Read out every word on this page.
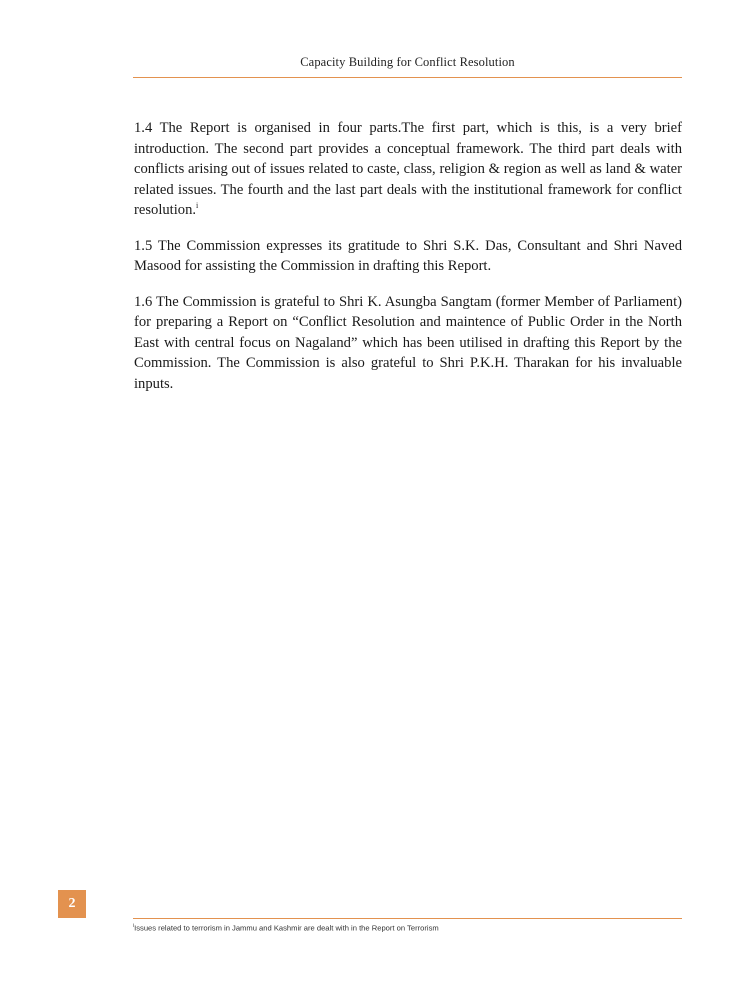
Capacity Building for Conflict Resolution

1.4 The Report is organised in four parts.The first part, which is this, is a very brief introduction. The second part provides a conceptual framework. The third part deals with conflicts arising out of issues related to caste, class, religion & region as well as land & water related issues. The fourth and the last part deals with the institutional framework for conflict resolution.$^i$

1.5 The Commission expresses its gratitude to Shri S.K. Das, Consultant and Shri Naved Masood for assisting the Commission in drafting this Report.

1.6 The Commission is grateful to Shri K. Asungba Sangtam (former Member of Parliament) for preparing a Report on “Conflict Resolution and maintence of Public Order in the North East with central focus on Nagaland” which has been utilised in drafting this Report by the Commission. The Commission is also grateful to Shri P.K.H. Tharakan for his invaluable inputs.

2
$^i$Issues related to terrorism in Jammu and Kashmir are dealt with in the Report on Terrorism
